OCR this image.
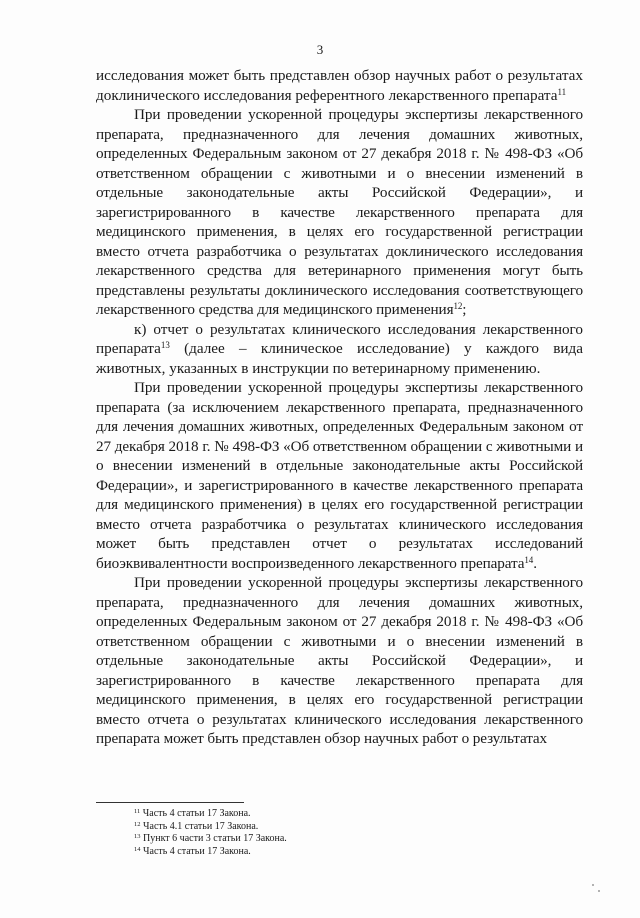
3

исследования может быть представлен обзор научных работ о результатах доклинического исследования референтного лекарственного препарата$^{11}$

При проведении ускоренной процедуры экспертизы лекарственного препарата, предназначенного для лечения домашних животных, определенных Федеральным законом от 27 декабря 2018 г. № 498-ФЗ «Об ответственном обращении с животными и о внесении изменений в отдельные законодательные акты Российской Федерации», и зарегистрированного в качестве лекарственного препарата для медицинского применения, в целях его государственной регистрации вместо отчета разработчика о результатах доклинического исследования лекарственного средства для ветеринарного применения могут быть представлены результаты доклинического исследования соответствующего лекарственного средства для медицинского применения$^{12}$;

к) отчет о результатах клинического исследования лекарственного препарата$^{13}$ (далее – клиническое исследование) у каждого вида животных, указанных в инструкции по ветеринарному применению.

При проведении ускоренной процедуры экспертизы лекарственного препарата (за исключением лекарственного препарата, предназначенного для лечения домашних животных, определенных Федеральным законом от 27 декабря 2018 г. № 498-ФЗ «Об ответственном обращении с животными и о внесении изменений в отдельные законодательные акты Российской Федерации», и зарегистрированного в качестве лекарственного препарата для медицинского применения) в целях его государственной регистрации вместо отчета разработчика о результатах клинического исследования может быть представлен отчет о результатах исследований биоэквивалентности воспроизведенного лекарственного препарата$^{14}$.

При проведении ускоренной процедуры экспертизы лекарственного препарата, предназначенного для лечения домашних животных, определенных Федеральным законом от 27 декабря 2018 г. № 498-ФЗ «Об ответственном обращении с животными и о внесении изменений в отдельные законодательные акты Российской Федерации», и зарегистрированного в качестве лекарственного препарата для медицинского применения, в целях его государственной регистрации вместо отчета о результатах клинического исследования лекарственного препарата может быть представлен обзор научных работ о результатах

$^{11}$ Часть 4 статьи 17 Закона.

$^{12}$ Часть 4.1 статьи 17 Закона.

$^{13}$ Пункт 6 части 3 статьи 17 Закона.

$^{14}$ Часть 4 статьи 17 Закона.
